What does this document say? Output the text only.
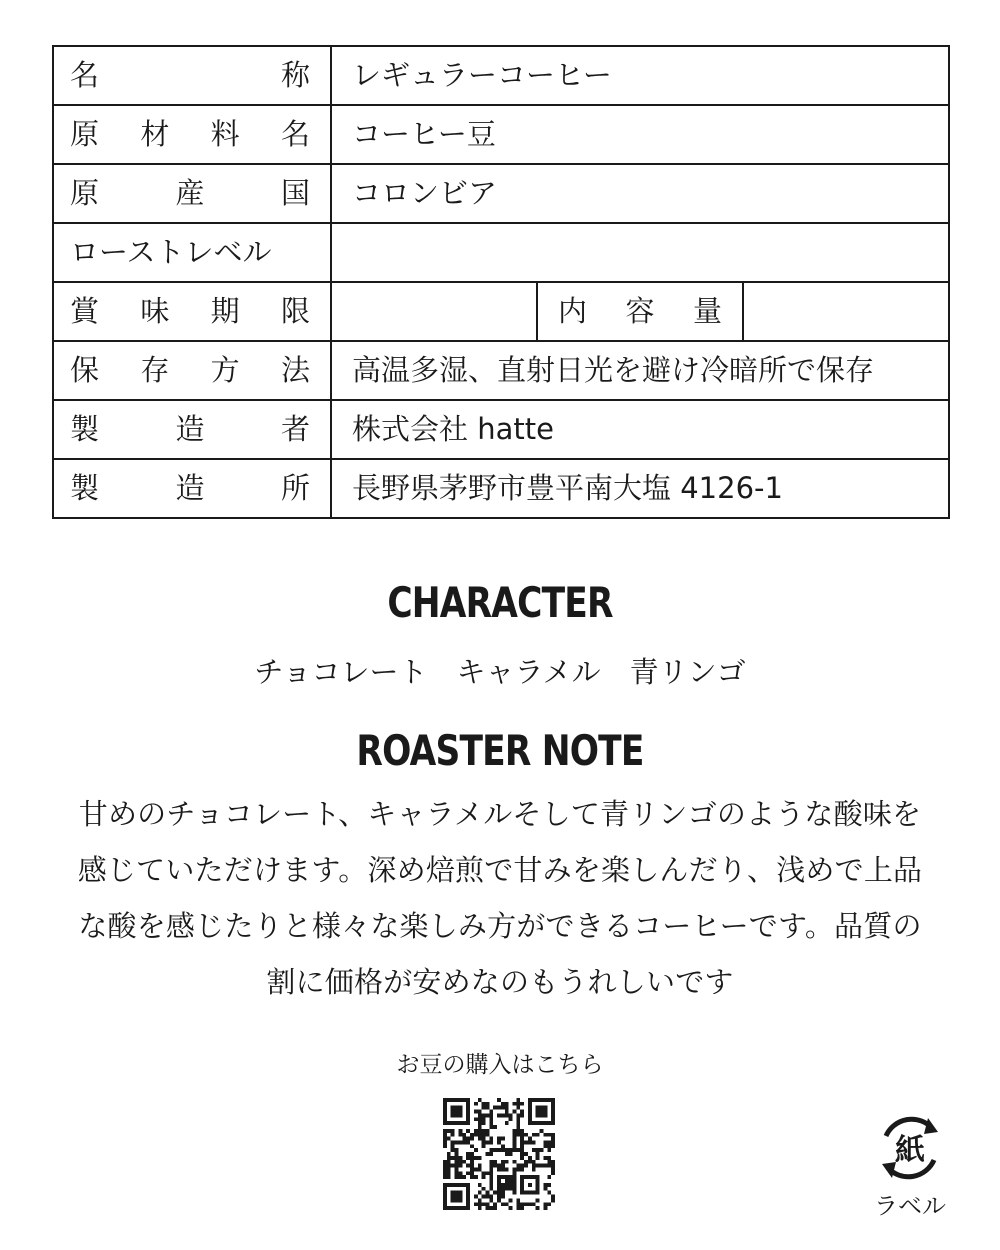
名 称	レギュラーコーヒー		

原 材 料 名	コーヒー豆		

原 産 国	コロンビア		
ローストレベル			

賞 味 期 限		内 容 量	

保 存 方 法	高温多湿、直射日光を避け冷暗所で保存		

製 造 者	株式会社 hatte		

製 造 所	長野県茅野市豊平南大塩 4126-1		
CHARACTER
チョコレート　キャラメル　青リンゴ
ROASTER NOTE
甘めのチョコレート、キャラメルそして青リンゴのような酸味を
感じていただけます。深め焙煎で甘みを楽しんだり、浅めで上品
な酸を感じたりと様々な楽しみ方ができるコーヒーです。品質の
割に価格が安めなのもうれしいです
お豆の購入はこちら
紙
ラベル
